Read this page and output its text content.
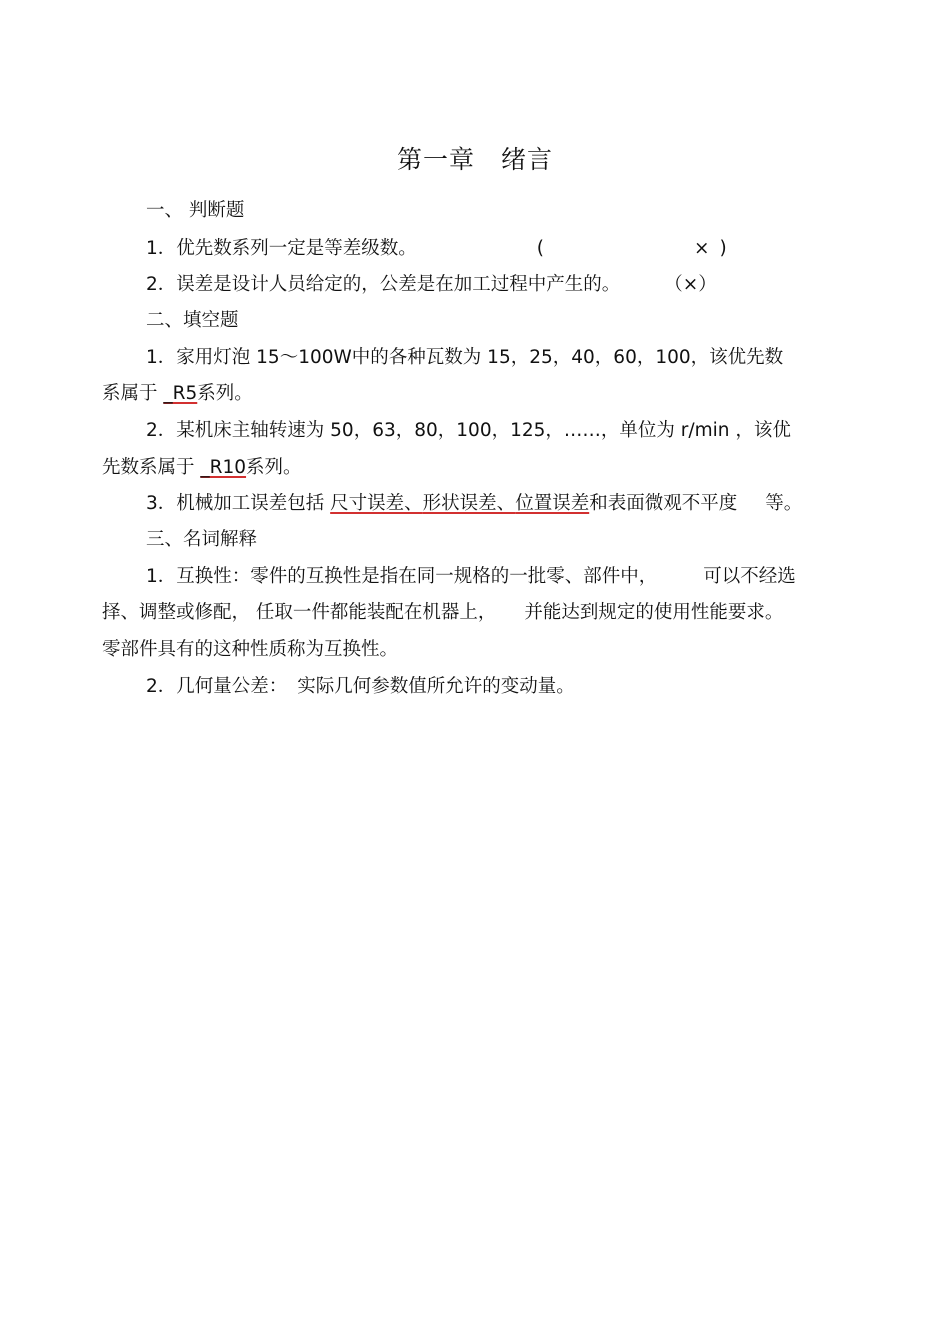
第一章　绪言
一、 判断题
1．优先数系列一定是等差级数。	(	× )
2．误差是设计人员给定的，公差是在加工过程中产生的。 （×）
二、填空题
1．家用灯泡 15～100W中的各种瓦数为 15，25，40，60，100，该优先数
系属于 _R5系列。
2．某机床主轴转速为 50，63，80，100，125，……，单位为 r/min ，该优
先数系属于 _R10系列。
3．机械加工误差包括 尺寸误差、形状误差、位置误差和表面微观不平度 等。
三、名词解释
1．互换性：零件的互换性是指在同一规格的一批零、部件中， 可以不经选
择、调整或修配， 任取一件都能装配在机器上， 并能达到规定的使用性能要求。
零部件具有的这种性质称为互换性。
2．几何量公差： 实际几何参数值所允许的变动量。
